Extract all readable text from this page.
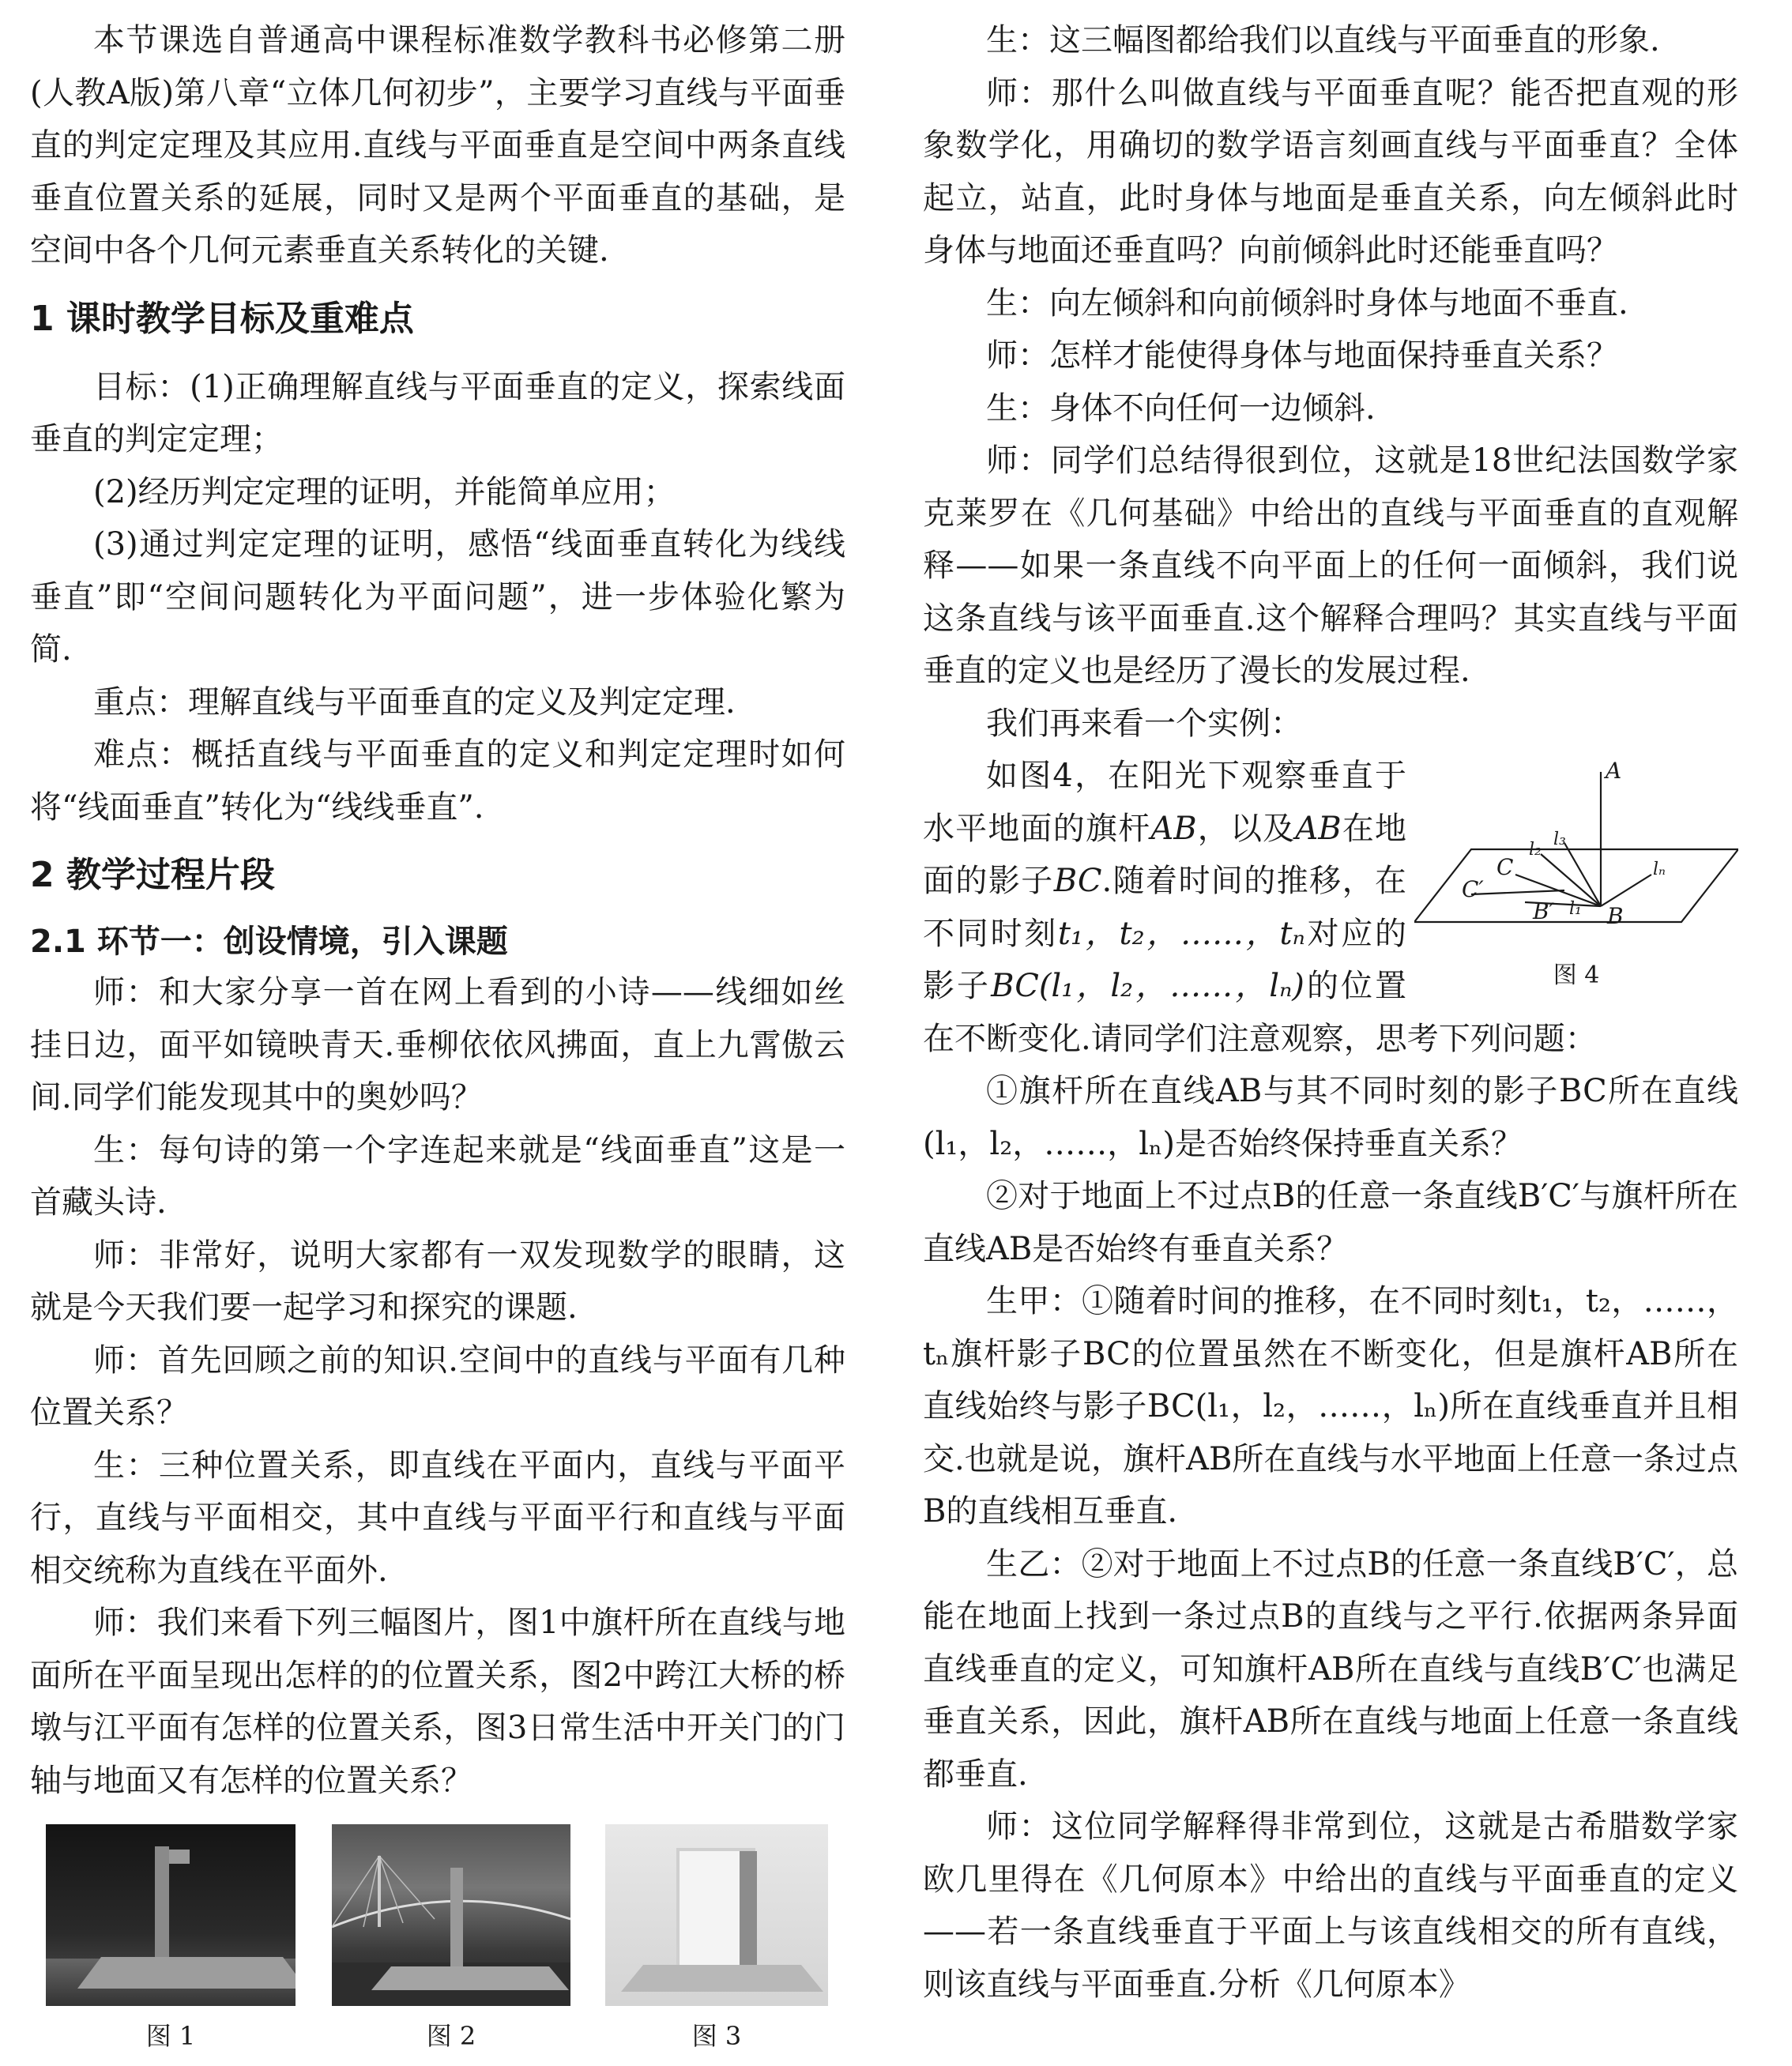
本节课选自普通高中课程标准数学教科书必修第二册(人教A版)第八章“立体几何初步”，主要学习直线与平面垂直的判定定理及其应用.直线与平面垂直是空间中两条直线垂直位置关系的延展，同时又是两个平面垂直的基础，是空间中各个几何元素垂直关系转化的关键.

1 课时教学目标及重难点

目标：(1)正确理解直线与平面垂直的定义，探索线面垂直的判定定理；

(2)经历判定定理的证明，并能简单应用；

(3)通过判定定理的证明，感悟“线面垂直转化为线线垂直”即“空间问题转化为平面问题”，进一步体验化繁为简.

重点：理解直线与平面垂直的定义及判定定理.

难点：概括直线与平面垂直的定义和判定定理时如何将“线面垂直”转化为“线线垂直”.

2 教学过程片段
2.1 环节一：创设情境，引入课题

师：和大家分享一首在网上看到的小诗——线细如丝挂日边，面平如镜映青天.垂柳依依风拂面，直上九霄傲云间.同学们能发现其中的奥妙吗？

生：每句诗的第一个字连起来就是“线面垂直”这是一首藏头诗.

师：非常好，说明大家都有一双发现数学的眼睛，这就是今天我们要一起学习和探究的课题.

师：首先回顾之前的知识.空间中的直线与平面有几种位置关系？

生：三种位置关系，即直线在平面内，直线与平面平行，直线与平面相交，其中直线与平面平行和直线与平面相交统称为直线在平面外.

师：我们来看下列三幅图片，图1中旗杆所在直线与地面所在平面呈现出怎样的的位置关系，图2中跨江大桥的桥墩与江平面有怎样的位置关系，图3日常生活中开关门的门轴与地面又有怎样的位置关系？

图 1	图 2	图 3

生：这三幅图都给我们以直线与平面垂直的形象.

师：那什么叫做直线与平面垂直呢？能否把直观的形象数学化，用确切的数学语言刻画直线与平面垂直？全体起立，站直，此时身体与地面是垂直关系，向左倾斜此时身体与地面还垂直吗？向前倾斜此时还能垂直吗？

生：向左倾斜和向前倾斜时身体与地面不垂直.

师：怎样才能使得身体与地面保持垂直关系？

生：身体不向任何一边倾斜.

师：同学们总结得很到位，这就是18世纪法国数学家克莱罗在《几何基础》中给出的直线与平面垂直的直观解释——如果一条直线不向平面上的任何一面倾斜，我们说这条直线与该平面垂直.这个解释合理吗？其实直线与平面垂直的定义也是经历了漫长的发展过程.

我们再来看一个实例：

A
B
C
C′
B′ l₁
l₂
l₃
lₙ
图 4

如图4，在阳光下观察垂直于水平地面的旗杆AB，以及AB在地面的影子BC.随着时间的推移，在不同时刻t₁，t₂，……，tₙ对应的影子BC(l₁，l₂，……，lₙ)的位置在不断变化.请同学们注意观察，思考下列问题：

①旗杆所在直线AB与其不同时刻的影子BC所在直线(l₁，l₂，……，lₙ)是否始终保持垂直关系？

②对于地面上不过点B的任意一条直线B′C′与旗杆所在直线AB是否始终有垂直关系？

生甲：①随着时间的推移，在不同时刻t₁，t₂，……，tₙ旗杆影子BC的位置虽然在不断变化，但是旗杆AB所在直线始终与影子BC(l₁，l₂，……，lₙ)所在直线垂直并且相交.也就是说，旗杆AB所在直线与水平地面上任意一条过点B的直线相互垂直.

生乙：②对于地面上不过点B的任意一条直线B′C′，总能在地面上找到一条过点B的直线与之平行.依据两条异面直线垂直的定义，可知旗杆AB所在直线与直线B′C′也满足垂直关系，因此，旗杆AB所在直线与地面上任意一条直线都垂直.

师：这位同学解释得非常到位，这就是古希腊数学家欧几里得在《几何原本》中给出的直线与平面垂直的定义——若一条直线垂直于平面上与该直线相交的所有直线，则该直线与平面垂直.分析《几何原本》
